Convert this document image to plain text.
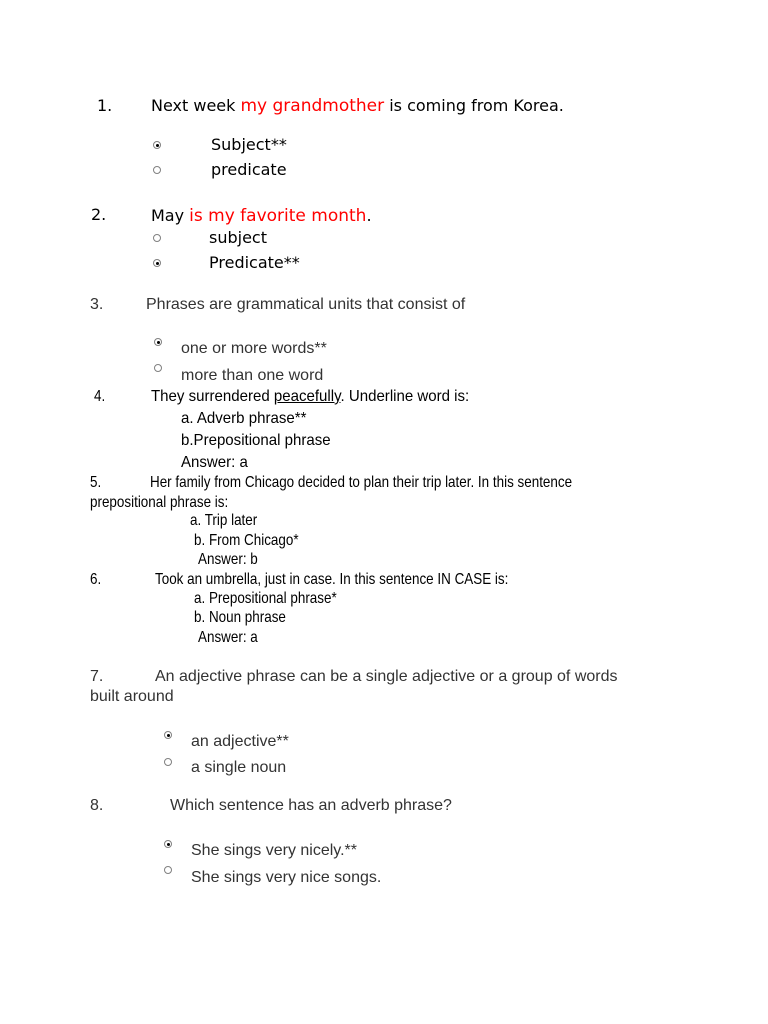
1. Next week my grandmother is coming from Korea.
Subject**
predicate
2.	May is my favorite month.
subject
Predicate**
3.	Phrases are grammatical units that consist of
one or more words**
more than one word
4.	They surrendered peacefully. Underline word is:
a. Adverb phrase**
b.Prepositional phrase
Answer: a
5.	Her family from Chicago decided to plan their trip later. In this sentence
prepositional phrase is:
a. Trip later
b. From Chicago*
Answer: b
6.	Took an umbrella, just in case. In this sentence IN CASE is:
a. Prepositional phrase*
b. Noun phrase
Answer: a
7.	An adjective phrase can be a single adjective or a group of words
built around
an adjective**
a single noun
8.	Which sentence has an adverb phrase?
She sings very nicely.**
She sings very nice songs.
